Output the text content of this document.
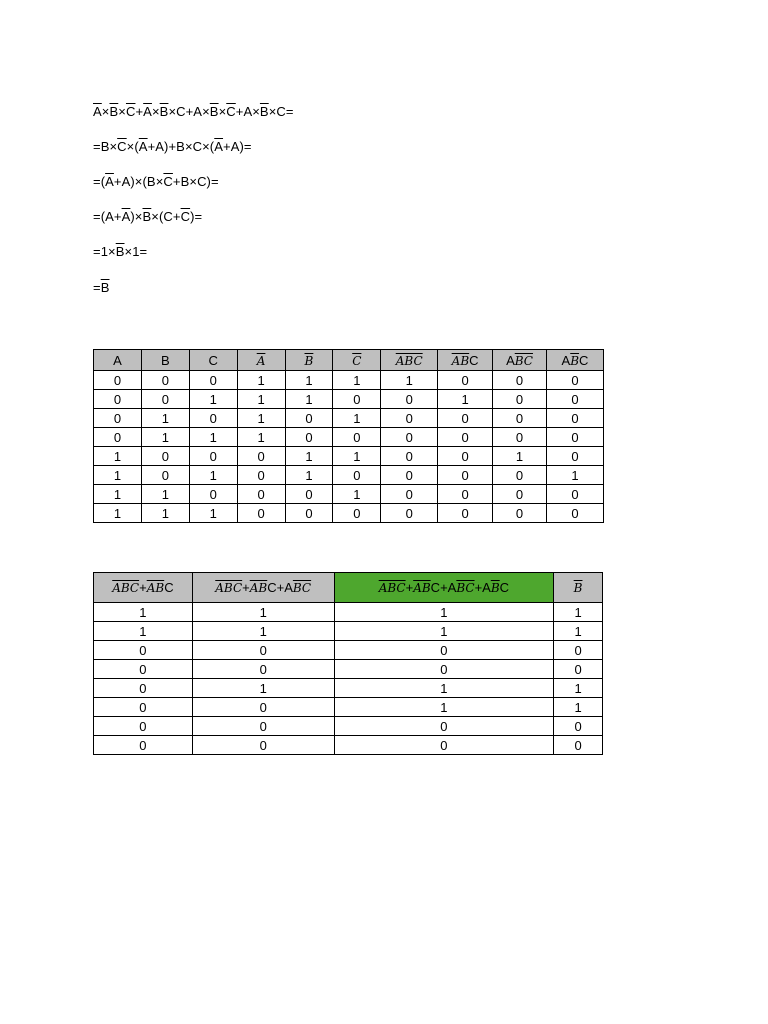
$\overline{A}\times\overline{B}\times\overline{C}+\overline{A}\times\overline{B}\times C+A\times\overline{B}\times\overline{C}+A\times\overline{B}\times C=$
$=B\times\overline{C}\times(\overline{A}+A)+B\times C\times(\overline{A}+A)=$
$=(\overline{A}+A)\times(B\times\overline{C}+B\times C)=$
$=(A+\overline{A})\times\overline{B}\times(C+\overline{C})=$
$=1\times\overline{B}\times 1=$
$=\overline{B}$
A	B	C	$\overline{A}$	$\overline{B}$	$\overline{C}$	$\overline{ABC}$	$\overline{AB}C$	$A\overline{BC}$	$A\overline{B}C$
0	0	0	1	1	1	1	0	0	0
0	0	1	1	1	0	0	1	0	0
0	1	0	1	0	1	0	0	0	0
0	1	1	1	0	0	0	0	0	0
1	0	0	0	1	1	0	0	1	0
1	0	1	0	1	0	0	0	0	1
1	1	0	0	0	1	0	0	0	0
1	1	1	0	0	0	0	0	0	0
$\overline{ABC}+\overline{AB}C$	$\overline{ABC}+\overline{AB}C+A\overline{BC}$	$\overline{ABC}+\overline{AB}C+A\overline{BC}+A\overline{B}C$	$\overline{B}$
1	1	1	1
1	1	1	1
0	0	0	0
0	0	0	0
0	1	1	1
0	0	1	1
0	0	0	0
0	0	0	0
